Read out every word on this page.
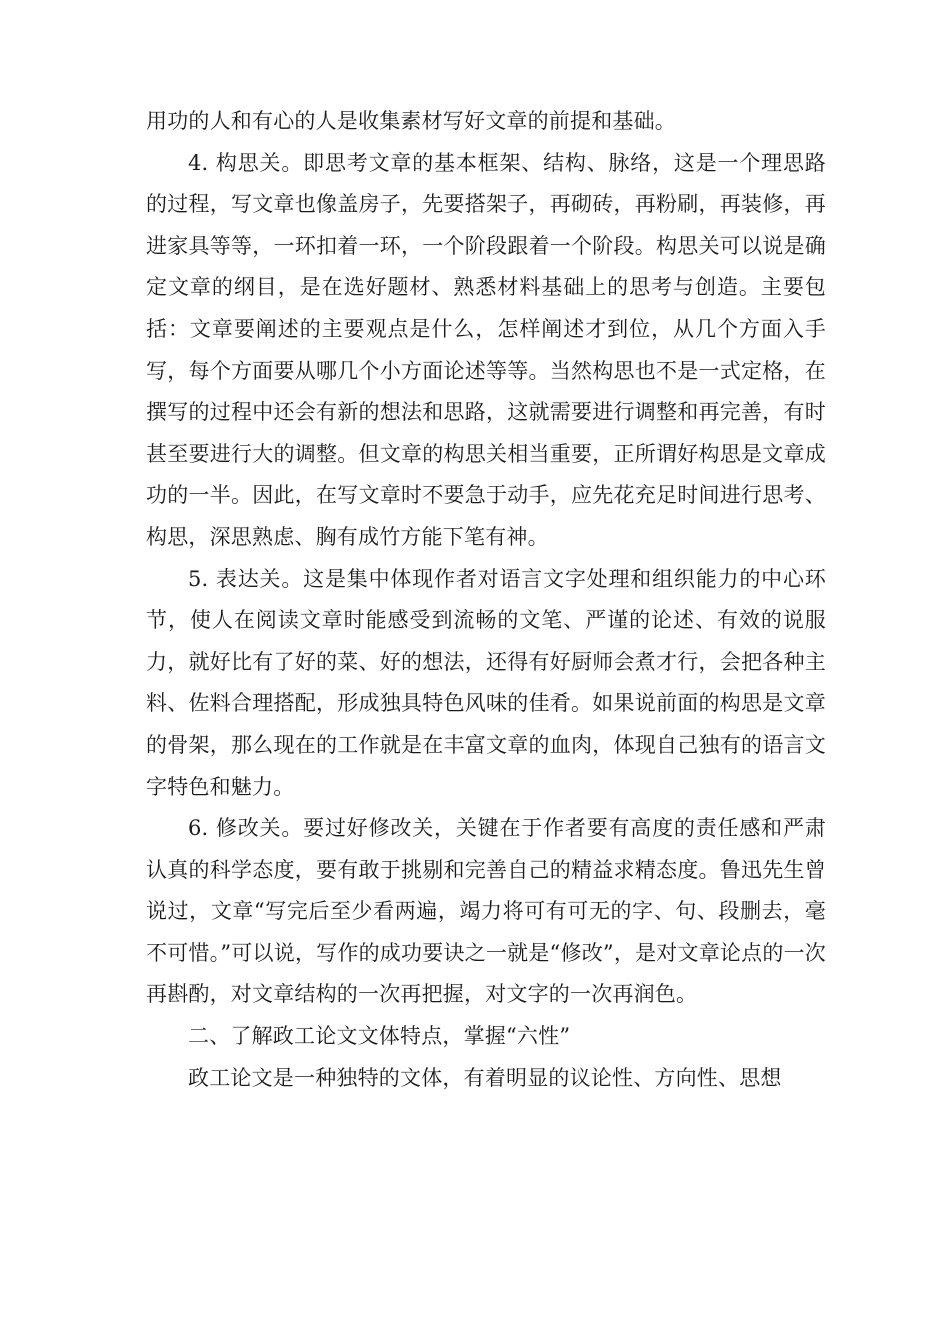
用功的人和有心的人是收集素材写好文章的前提和基础。

4. 构思关。即思考文章的基本框架、结构、脉络，这是一个理思路的过程，写文章也像盖房子，先要搭架子，再砌砖，再粉刷，再装修，再进家具等等，一环扣着一环，一个阶段跟着一个阶段。构思关可以说是确定文章的纲目，是在选好题材、熟悉材料基础上的思考与创造。主要包括：文章要阐述的主要观点是什么，怎样阐述才到位，从几个方面入手写，每个方面要从哪几个小方面论述等等。当然构思也不是一式定格，在撰写的过程中还会有新的想法和思路，这就需要进行调整和再完善，有时甚至要进行大的调整。但文章的构思关相当重要，正所谓好构思是文章成功的一半。因此，在写文章时不要急于动手，应先花充足时间进行思考、构思，深思熟虑、胸有成竹方能下笔有神。

5. 表达关。这是集中体现作者对语言文字处理和组织能力的中心环节，使人在阅读文章时能感受到流畅的文笔、严谨的论述、有效的说服力，就好比有了好的菜、好的想法，还得有好厨师会煮才行，会把各种主料、佐料合理搭配，形成独具特色风味的佳肴。如果说前面的构思是文章的骨架，那么现在的工作就是在丰富文章的血肉，体现自己独有的语言文字特色和魅力。

6. 修改关。要过好修改关，关键在于作者要有高度的责任感和严肃认真的科学态度，要有敢于挑剔和完善自己的精益求精态度。鲁迅先生曾说过，文章“写完后至少看两遍，竭力将可有可无的字、句、段删去，毫不可惜。”可以说，写作的成功要诀之一就是“修改”，是对文章论点的一次再斟酌，对文章结构的一次再把握，对文字的一次再润色。

二、了解政工论文文体特点，掌握“六性”

政工论文是一种独特的文体，有着明显的议论性、方向性、思想
